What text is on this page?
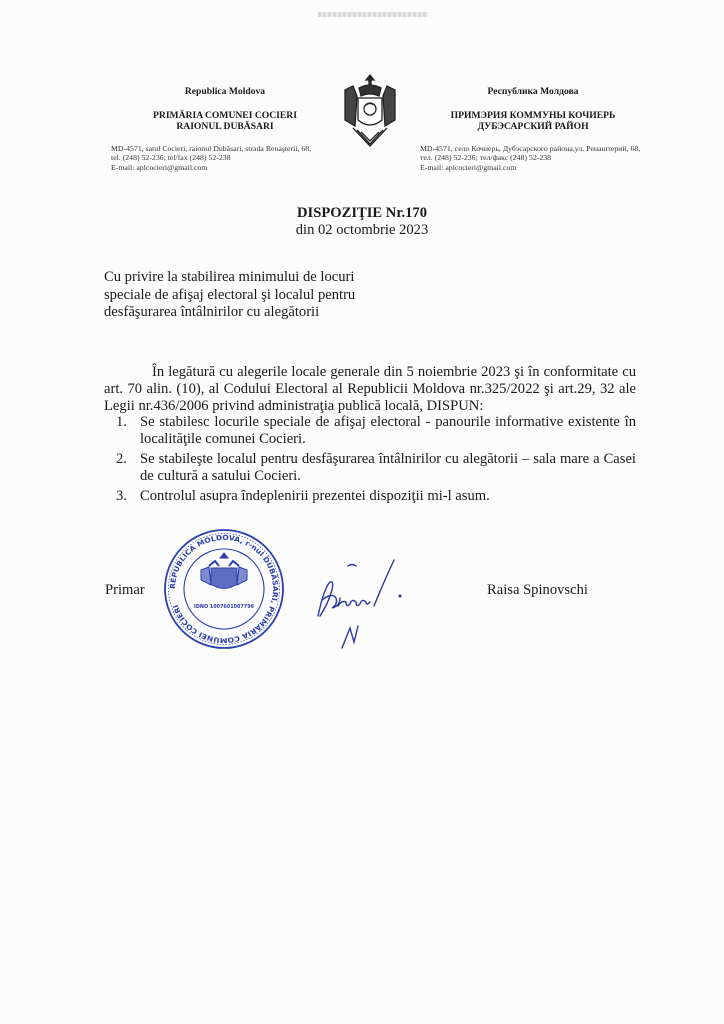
Republica Moldova
PRIMĂRIA COMUNEI COCIERI
RAIONUL DUBĂSARI
MD-4571, satul Cocieri, raionul Dubăsari, strada Renaşterii, 68,
tel. (248) 52-236; tel/fax (248) 52-238
E-mail: aplcocieri@gmail.com
Республика Молдова
ПРИМЭРИЯ КОММУНЫ КОЧИЕРЬ
ДУБЭСАРСКИЙ РАЙОН
MD-4571, село Кочиерь, Дубэсарского района,ул. Ренаштерий, 68,
тел. (248) 52-236; тел/факс (248) 52-238
E-mail: aplcocieri@gmail.com
DISPOZIŢIE Nr.170
din 02 octombrie 2023
Cu privire la stabilirea minimului de locuri
speciale de afişaj electoral şi localul pentru
desfăşurarea întâlnirilor cu alegătorii

În legătură cu alegerile locale generale din 5 noiembrie 2023 şi în conformitate cu art. 70 alin. (10), al Codului Electoral al Republicii Moldova nr.325/2022 şi art.29, 32 ale Legii nr.436/2006 privind administraţia publică locală, DISPUN:

1. Se stabilesc locurile speciale de afişaj electoral - panourile informative existente în localităţile comunei Cocieri.
2. Se stabileşte localul pentru desfăşurarea întâlnirilor cu alegătorii – sala mare a Casei de cultură a satului Cocieri.
3. Controlul asupra îndeplenirii prezentei dispoziţii mi-l asum.
Primar	REPUBLICA MOLDOVA, r-nul DUBĂSARI, PRIMĂRIA COMUNEI COCIERI	IDNO 1007601007796
Raisa Spinovschi
